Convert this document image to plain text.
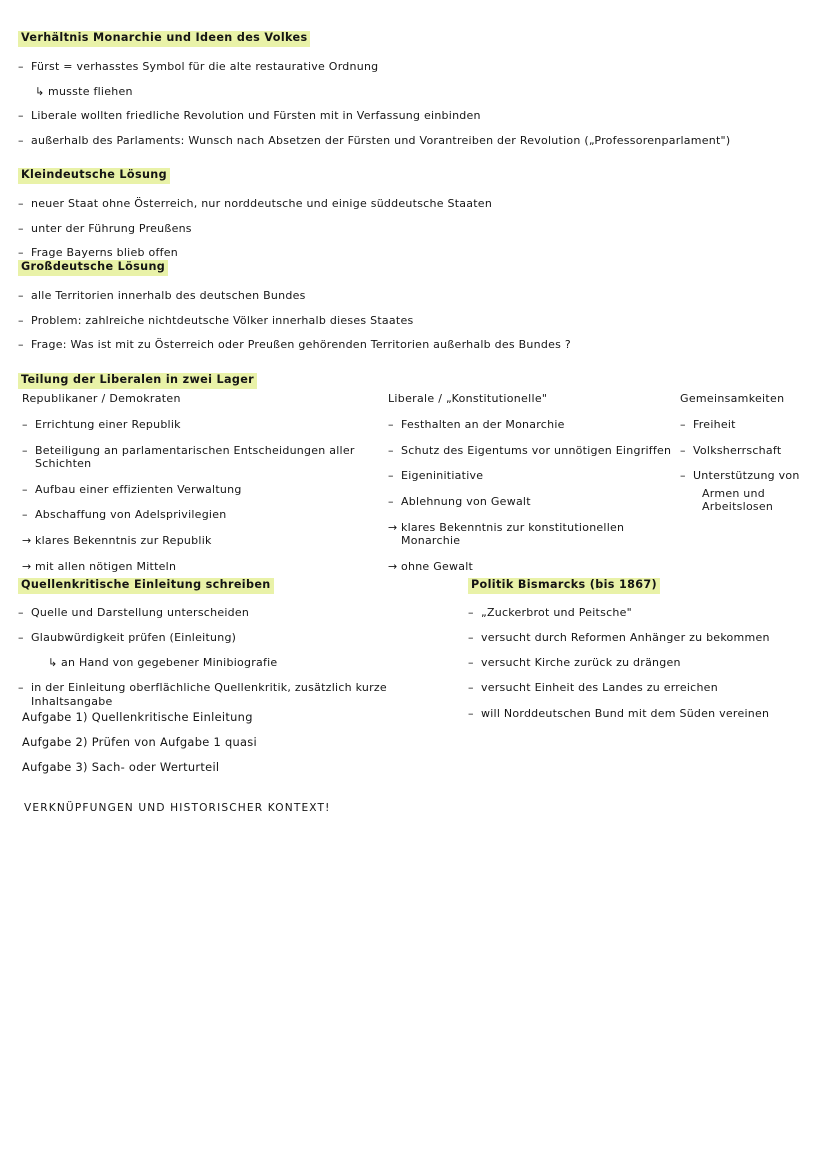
Verhältnis Monarchie und Ideen des Volkes
– Fürst = verhasstes Symbol für die alte restaurative Ordnung
↳ musste fliehen
– Liberale wollten friedliche Revolution und Fürsten mit in Verfassung einbinden
– außerhalb des Parlaments: Wunsch nach Absetzen der Fürsten und Vorantreiben der Revolution („Professorenparlament")
Kleindeutsche Lösung
– neuer Staat ohne Österreich, nur norddeutsche und einige süddeutsche Staaten
– unter der Führung Preußens
– Frage Bayerns blieb offen
Großdeutsche Lösung
– alle Territorien innerhalb des deutschen Bundes
– Problem: zahlreiche nichtdeutsche Völker innerhalb dieses Staates
– Frage: Was ist mit zu Österreich oder Preußen gehörenden Territorien außerhalb des Bundes ?
Teilung der Liberalen in zwei Lager
Republikaner / Demokraten
– Errichtung einer Republik
– Beteiligung an parlamentarischen Entscheidungen aller Schichten
– Aufbau einer effizienten Verwaltung
– Abschaffung von Adelsprivilegien
→ klares Bekenntnis zur Republik
→ mit allen nötigen Mitteln
Liberale / „Konstitutionelle"
– Festhalten an der Monarchie
– Schutz des Eigentums vor unnötigen Eingriffen
– Eigeninitiative
– Ablehnung von Gewalt
→ klares Bekenntnis zur konstitutionellen Monarchie
→ ohne Gewalt
Gemeinsamkeiten
– Freiheit
– Volksherrschaft
– Unterstützung von
Armen und Arbeitslosen
Quellenkritische Einleitung schreiben
– Quelle und Darstellung unterscheiden
– Glaubwürdigkeit prüfen (Einleitung)
↳ an Hand von gegebener Minibiografie
– in der Einleitung oberflächliche Quellenkritik, zusätzlich kurze Inhaltsangabe
Politik Bismarcks (bis 1867)
– „Zuckerbrot und Peitsche"
– versucht durch Reformen Anhänger zu bekommen
– versucht Kirche zurück zu drängen
– versucht Einheit des Landes zu erreichen
– will Norddeutschen Bund mit dem Süden vereinen
Aufgabe 1) Quellenkritische Einleitung
Aufgabe 2) Prüfen von Aufgabe 1 quasi
Aufgabe 3) Sach- oder Werturteil
VERKNÜPFUNGEN UND HISTORISCHER KONTEXT!
